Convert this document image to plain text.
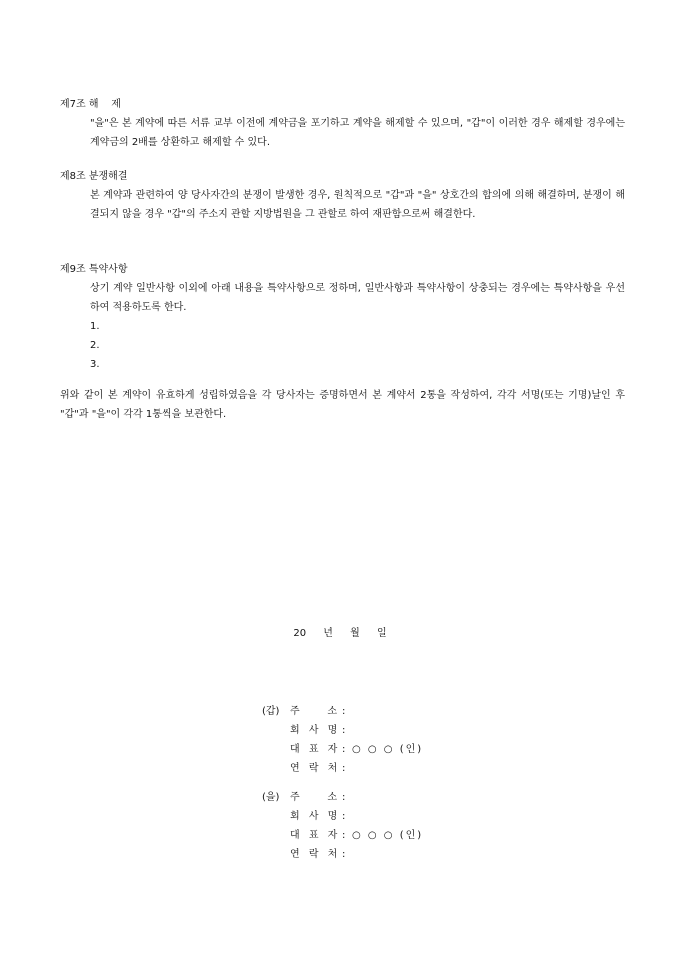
제7조 해    제

"을"은 본 계약에 따른 서류 교부 이전에 계약금을 포기하고 계약을 해제할 수 있으며, "갑"이 이러한 경우 해제할 경우에는 계약금의 2배를 상환하고 해제할 수 있다.

제8조 분쟁해결

본 계약과 관련하여 양 당사자간의 분쟁이 발생한 경우, 원칙적으로 "갑"과 "을" 상호간의 합의에 의해 해결하며, 분쟁이 해결되지 않을 경우 "갑"의 주소지 관할 지방법원을 그 관할로 하여 재판함으로써 해결한다.

제9조 특약사항

상기 계약 일반사항 이외에 아래 내용을 특약사항으로 정하며, 일반사항과 특약사항이 상충되는 경우에는 특약사항을 우선하여 적용하도록 한다.

1.
2.
3.

위와 같이 본 계약이 유효하게 성립하였음을 각 당사자는 증명하면서 본 계약서 2통을 작성하여, 각각 서명(또는 기명)날인 후 "갑"과 "을"이 각각 1통씩을 보관한다.

20 년 월 일

(갑) 주    소 :
회 사 명 :
대 표 자 : ○ ○ ○ (인)
연 락 처 :
(을) 주    소 :
회 사 명 :
대 표 자 : ○ ○ ○ (인)
연 락 처 :
